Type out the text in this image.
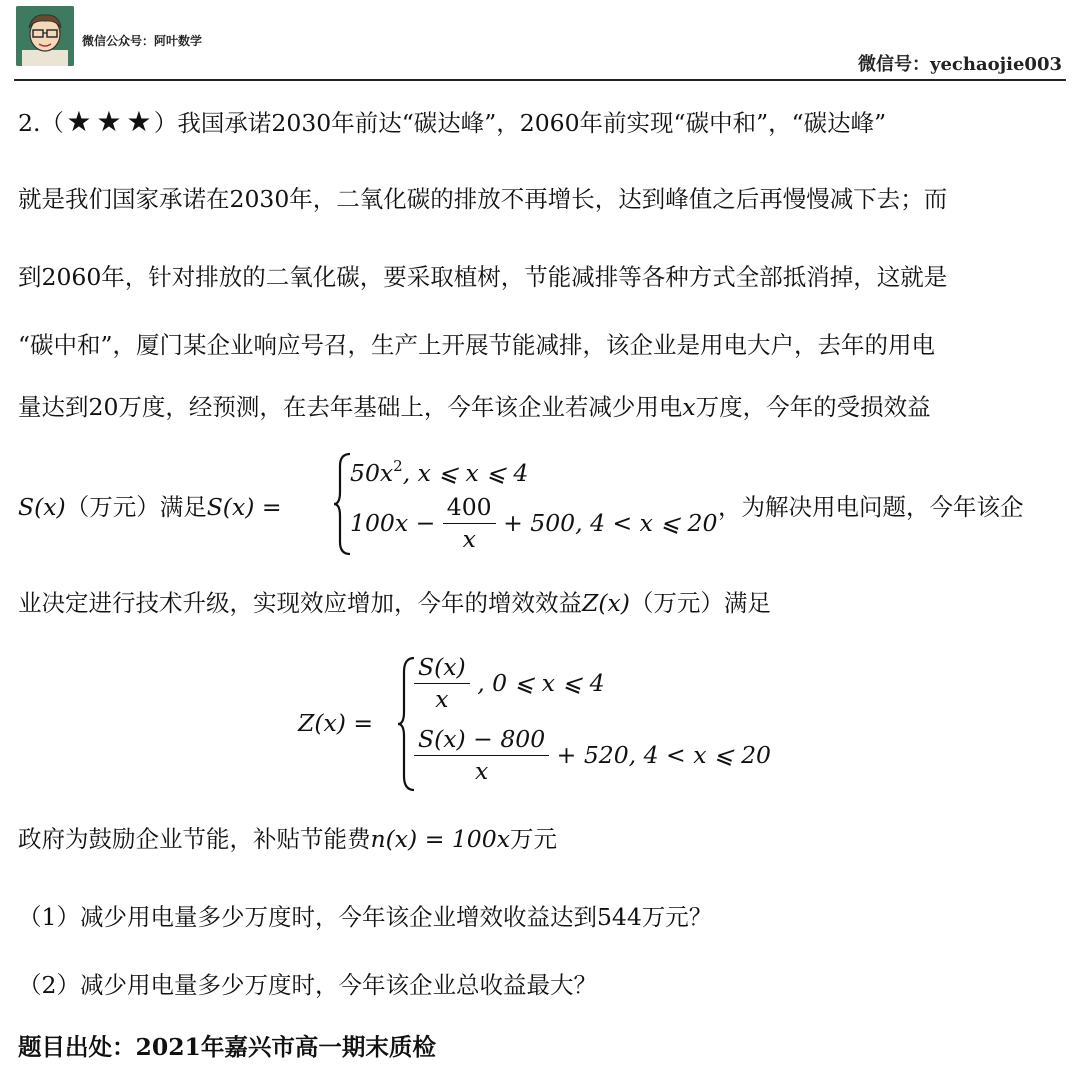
微信公众号：阿叶数学
微信号：yechaojie003
2.（★ ★ ★ ）我国承诺2030年前达“碳达峰”，2060年前实现“碳中和”，“碳达峰”
就是我们国家承诺在2030年，二氧化碳的排放不再增长，达到峰值之后再慢慢减下去；而
到2060年，针对排放的二氧化碳，要采取植树，节能减排等各种方式全部抵消掉，这就是
“碳中和”，厦门某企业响应号召，生产上开展节能减排，该企业是用电大户，去年的用电
量达到20万度，经预测，在去年基础上，今年该企业若减少用电x万度，今年的受损效益
S(x)（万元）满足S(x) =
$50x^2$, x ⩽ x ⩽ 4
$100x - \frac{400}{x} + 500$, 4 < x ⩽ 20
，为解决用电问题，今年该企
业决定进行技术升级，实现效应增加，今年的增效效益Z(x)（万元）满足
Z(x) =
$\frac{S(x)}{x}$ , 0 ⩽ x ⩽ 4
$\frac{S(x) - 800}{x} + 520$, 4 < x ⩽ 20
政府为鼓励企业节能，补贴节能费n(x) = 100x万元
（1）减少用电量多少万度时，今年该企业增效收益达到544万元？
（2）减少用电量多少万度时，今年该企业总收益最大？
题目出处：2021年嘉兴市高一期末质检
